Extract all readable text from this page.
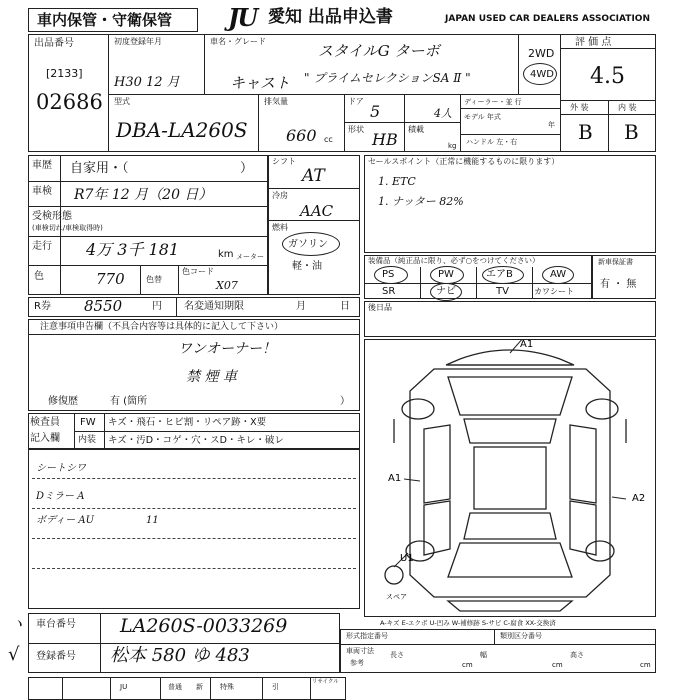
車内保管・守衛保管 JU 愛知 出品申込書	JAPAN USED CAR DEALERS ASSOCIATION
出品番号
[2133]
02686
初度登録年月
H30 12 月
車名・グレード
スタイルG ターボ
キャスト " プライムセレクションSA Ⅱ "
2WD
4WD
評 価 点
4.5
外 装	内 装
B B
型式
DBA-LA260S
排気量
660 cc
ドア
5	4人
形状
HB
積載
kg
ディーラー・並 行
モデル 年式
年
ハンドル 左・右
車歴 自家用・（	）
車検 R7年 12 月（20 日）
受検形態
(車検切れ/車検取得時)
走行 4万 3千 181	km メーター
色	770	色替
色コード
X07
シフト
AT
冷房
AAC
燃料
ガソリン
軽・油
R券 8550	円 名変通知期限	月	日
セールスポイント（正常に機能するものに限ります）
1. ETC
1. ナッター 82%
装備品（純正品に限り、必ず○をつけてください）
PS	PW	エアB	AW
SR	ナビ	TV	カワシート
新車保証書
有 ・ 無
注意事項申告欄（不具合内容等は具体的に記入して下さい）
ワンオーナー！
禁 煙 車
修復歴	有 (箇所	）
後日品
検査員
記入欄
FW キズ・飛石・ヒビ割・リペア跡・X要
内装 キズ・汚D・コゲ・穴・スD・キレ・破レ
シートシワ
Dミラー A
ボディー AU	11
A1
A1
A2
U1
スペア
A-キズ E-エクボ U-凹み W-補修跡 S-サビ C-腐食 XX-交換済
車台番号 LA260S-0033269
登録番号 松本 580 ゆ 483
ヽ
√
形式指定番号	類別区分番号
車両寸法
参考
長さ
cm
幅
cm
高さ
cm
JU	普通 新 特殊	引
リサイクル
